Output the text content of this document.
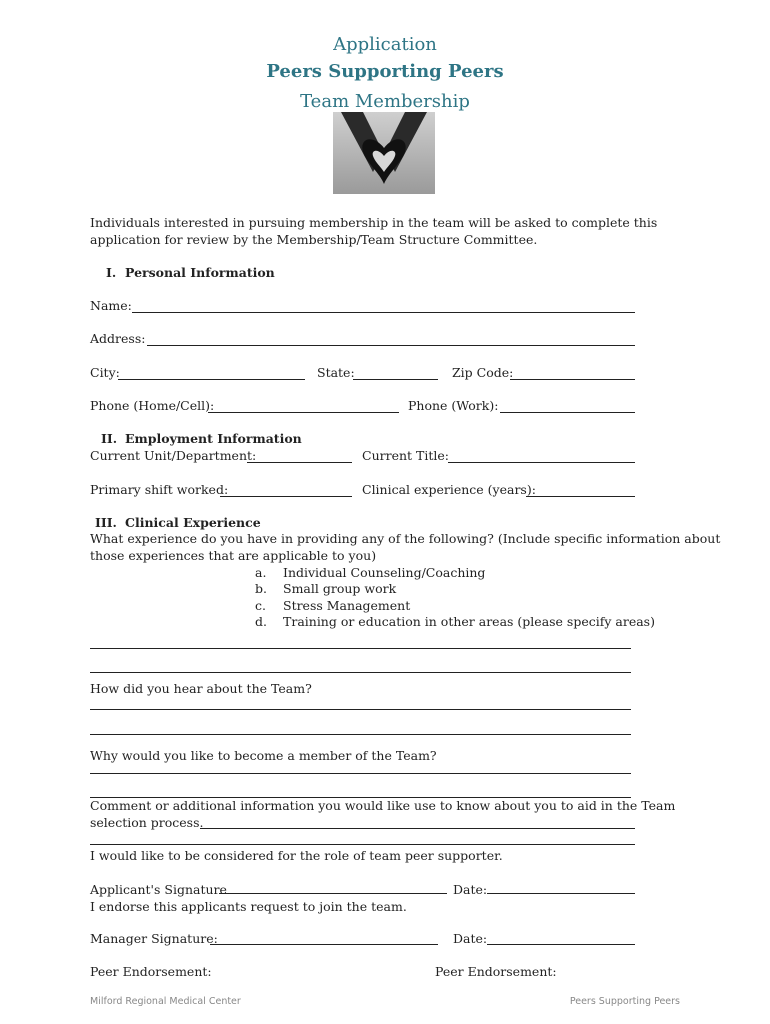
Application
Peers Supporting Peers
Team Membership
Individuals interested in pursuing membership in the team will be asked to complete this
application for review by the Membership/Team Structure Committee.
I. Personal Information
Name:
Address:
City:	State:	Zip Code:
Phone (Home/Cell):	Phone (Work):
II. Employment Information
Current Unit/Department:	Current Title:
Primary shift worked:	Clinical experience (years):
III. Clinical Experience
What experience do you have in providing any of the following? (Include specific information about
those experiences that are applicable to you)
a. Individual Counseling/Coaching
b. Small group work
c. Stress Management
d. Training or education in other areas (please specify areas)
How did you hear about the Team?
Why would you like to become a member of the Team?
Comment or additional information you would like use to know about you to aid in the Team
selection process.
I would like to be considered for the role of team peer supporter.
Applicant's Signature	Date:
I endorse this applicants request to join the team.
Manager Signature:	Date:
Peer Endorsement:	Peer Endorsement:
Milford Regional Medical Center	Peers Supporting Peers
